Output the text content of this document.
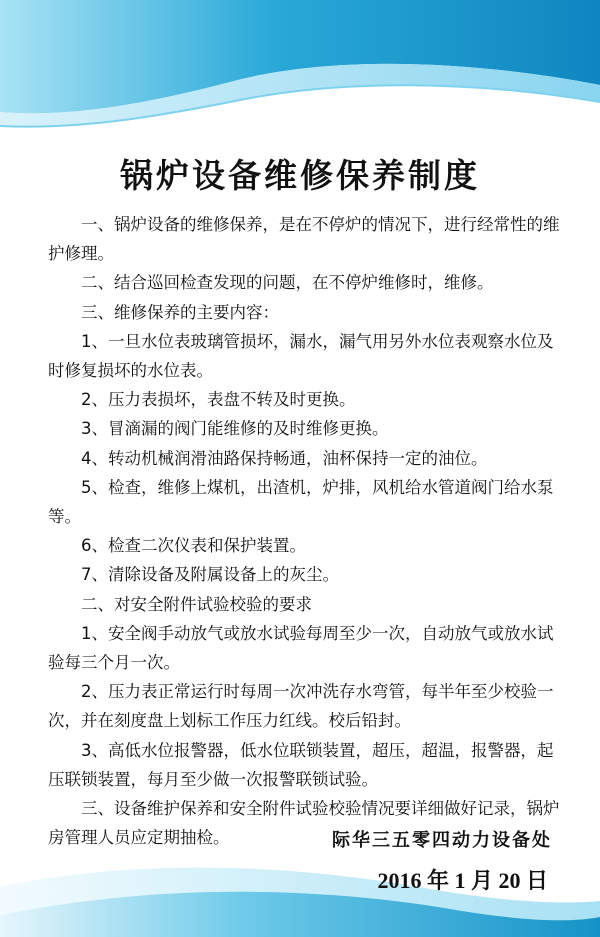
锅炉设备维修保养制度

一、锅炉设备的维修保养，是在不停炉的情况下，进行经常性的维护修理。

二、结合巡回检查发现的问题，在不停炉维修时，维修。

三、维修保养的主要内容：

1、一旦水位表玻璃管损坏，漏水，漏气用另外水位表观察水位及时修复损坏的水位表。

2、压力表损坏，表盘不转及时更换。

3、冒滴漏的阀门能维修的及时维修更换。

4、转动机械润滑油路保持畅通，油杯保持一定的油位。

5、检查，维修上煤机，出渣机，炉排，风机给水管道阀门给水泵等。

6、检查二次仪表和保护装置。

7、清除设备及附属设备上的灰尘。

二、对安全附件试验校验的要求

1、安全阀手动放气或放水试验每周至少一次，自动放气或放水试验每三个月一次。

2、压力表正常运行时每周一次冲洗存水弯管，每半年至少校验一次，并在刻度盘上划标工作压力红线。校后铅封。

3、高低水位报警器，低水位联锁装置，超压，超温，报警器，起压联锁装置，每月至少做一次报警联锁试验。

三、设备维护保养和安全附件试验校验情况要详细做好记录，锅炉房管理人员应定期抽检。	际华三五零四动力设备处
2016 年 1 月 20 日
